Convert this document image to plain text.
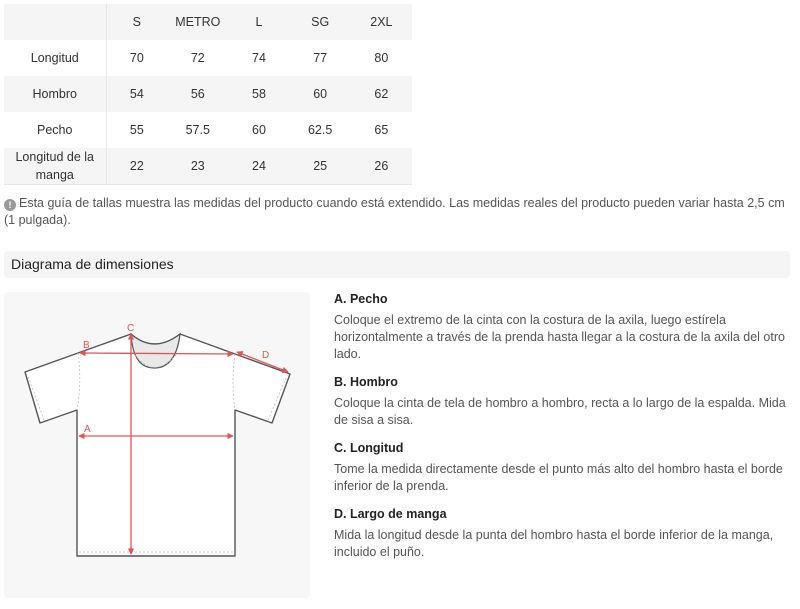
	S	METRO	L	SG	2XL
Longitud	70	72	74	77	80
Hombro	54	56	58	60	62
Pecho	55	57.5	60	62.5	65
Longitud de la manga	22	23	24	25	26
! Esta guía de tallas muestra las medidas del producto cuando está extendido. Las medidas reales del producto pueden variar hasta 2,5 cm (1 pulgada).
Diagrama de dimensiones
A
B
C
D
A. Pecho
Coloque el extremo de la cinta con la costura de la axila, luego estírela horizontalmente a través de la prenda hasta llegar a la costura de la axila del otro lado.
B. Hombro
Coloque la cinta de tela de hombro a hombro, recta a lo largo de la espalda. Mida de sisa a sisa.
C. Longitud
Tome la medida directamente desde el punto más alto del hombro hasta el borde inferior de la prenda.
D. Largo de manga
Mida la longitud desde la punta del hombro hasta el borde inferior de la manga, incluido el puño.
